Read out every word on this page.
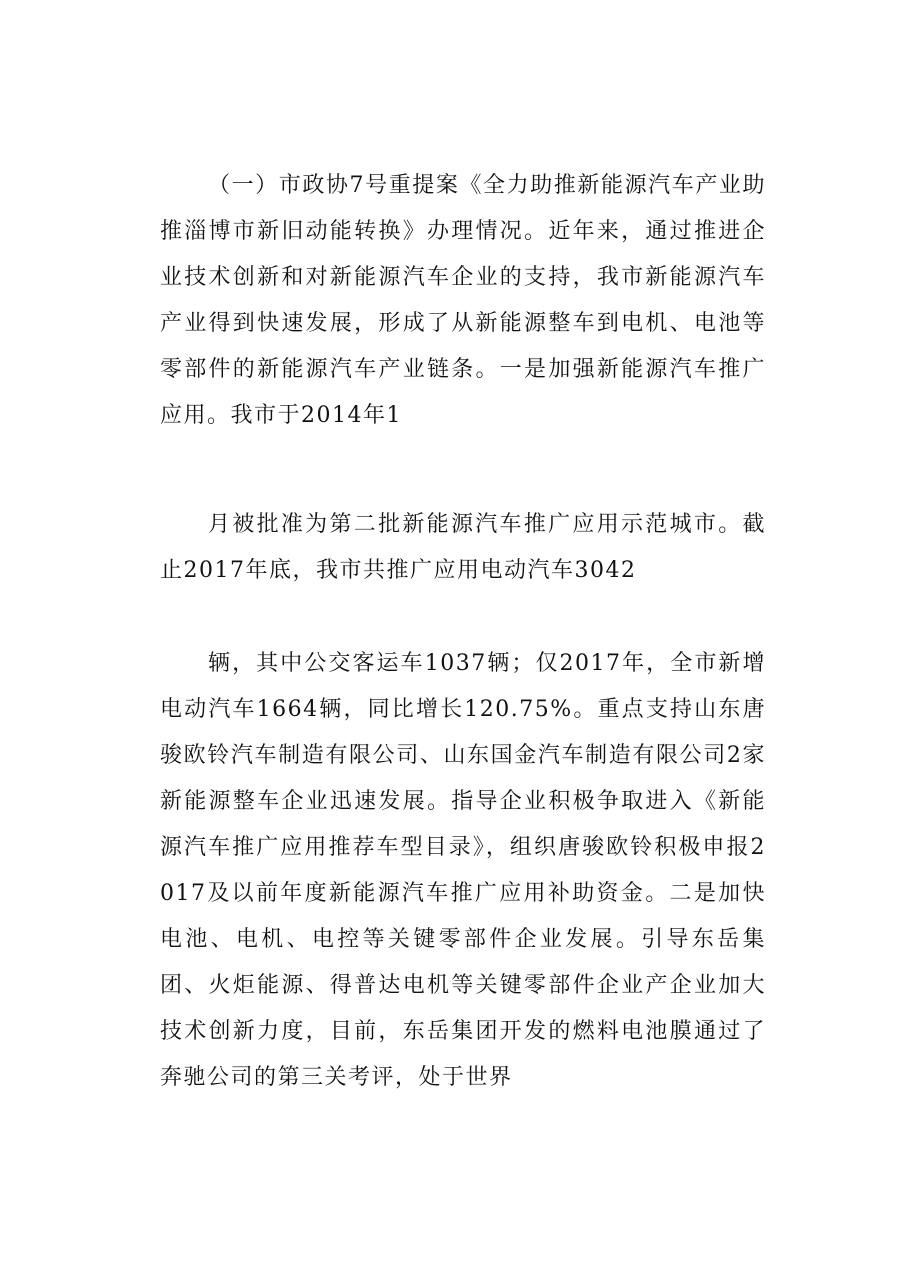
（一）市政协7号重提案《全力助推新能源汽车产业助推淄博市新旧动能转换》办理情况。近年来，通过推进企业技术创新和对新能源汽车企业的支持，我市新能源汽车产业得到快速发展，形成了从新能源整车到电机、电池等零部件的新能源汽车产业链条。一是加强新能源汽车推广应用。我市于2014年1

月被批准为第二批新能源汽车推广应用示范城市。截止2017年底，我市共推广应用电动汽车3042

辆，其中公交客运车1037辆；仅2017年，全市新增电动汽车1664辆，同比增长120.75%。重点支持山东唐骏欧铃汽车制造有限公司、山东国金汽车制造有限公司2家新能源整车企业迅速发展。指导企业积极争取进入《新能源汽车推广应用推荐车型目录》，组织唐骏欧铃积极申报2017及以前年度新能源汽车推广应用补助资金。二是加快电池、电机、电控等关键零部件企业发展。引导东岳集团、火炬能源、得普达电机等关键零部件企业产企业加大技术创新力度，目前，东岳集团开发的燃料电池膜通过了奔驰公司的第三关考评，处于世界
